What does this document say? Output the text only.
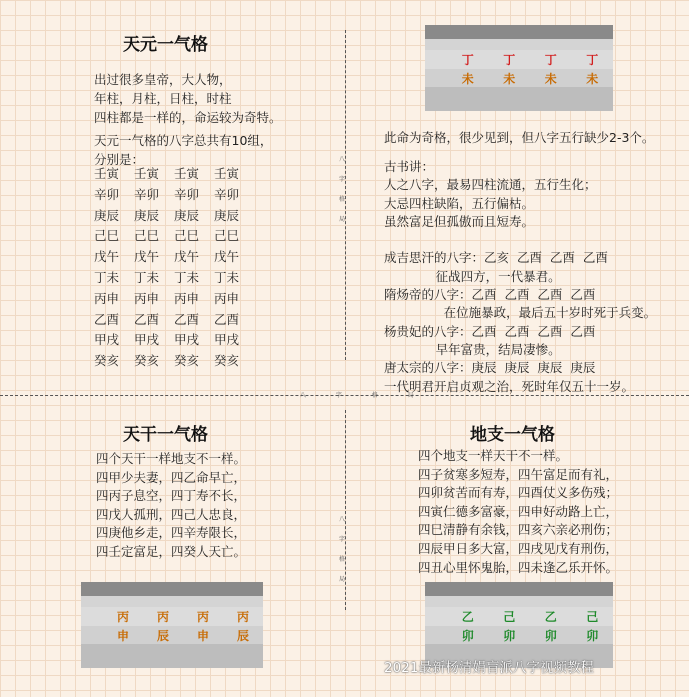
天元一气格
出过很多皇帝，大人物，
年柱，月柱，日柱，时柱
四柱都是一样的，命运较为奇特。
天元一气格的八字总共有10组，
分别是：
壬寅	壬寅	壬寅	壬寅
辛卯	辛卯	辛卯	辛卯
庚辰	庚辰	庚辰	庚辰
己巳	己巳	己巳	己巳
戊午	戊午	戊午	戊午
丁未	丁未	丁未	丁未
丙申	丙申	丙申	丙申
乙酉	乙酉	乙酉	乙酉
甲戌	甲戌	甲戌	甲戌
癸亥	癸亥	癸亥	癸亥
八 字 格 局
八 字 格 局
八 字 格 局
丁	丁	丁	丁
未	未	未	未
此命为奇格，很少见到，但八字五行缺少2-3个。
古书讲：
人之八字，最易四柱流通，五行生化；
大忌四柱缺陷，五行偏枯。
虽然富足但孤傲而且短寿。

成吉思汗的八字：乙亥  乙酉  乙酉  乙酉
征战四方，一代暴君。
隋炀帝的八字：乙酉  乙酉  乙酉  乙酉
在位施暴政，最后五十岁时死于兵变。
杨贵妃的八字：乙酉  乙酉  乙酉  乙酉
早年富贵，结局凄惨。
唐太宗的八字：庚辰  庚辰  庚辰  庚辰
一代明君开启贞观之治，死时年仅五十一岁。
天干一气格
四个天干一样地支不一样。
四甲少夫妻，四乙命早亡，
四丙子息空，四丁寿不长，
四戊人孤刑，四己人忠良，
四庚他乡走，四辛寿限长，
四壬定富足，四癸人天亡。
地支一气格
四个地支一样天干不一样。
四子贫寒多短寿，四午富足而有礼，
四卯贫苦而有寿，四酉仗义多伤残；
四寅仁德多富豪，四申好动路上亡，
四巳清静有余钱，四亥六亲必刑伤；
四辰甲日多大富，四戌见戊有刑伤，
四丑心里怀鬼胎，四未逢乙乐开怀。
丙	丙	丙	丙
申	辰	申	辰
乙	己	乙	己
卯	卯	卯	卯
2021最新杨清娟盲派八字视频教程
